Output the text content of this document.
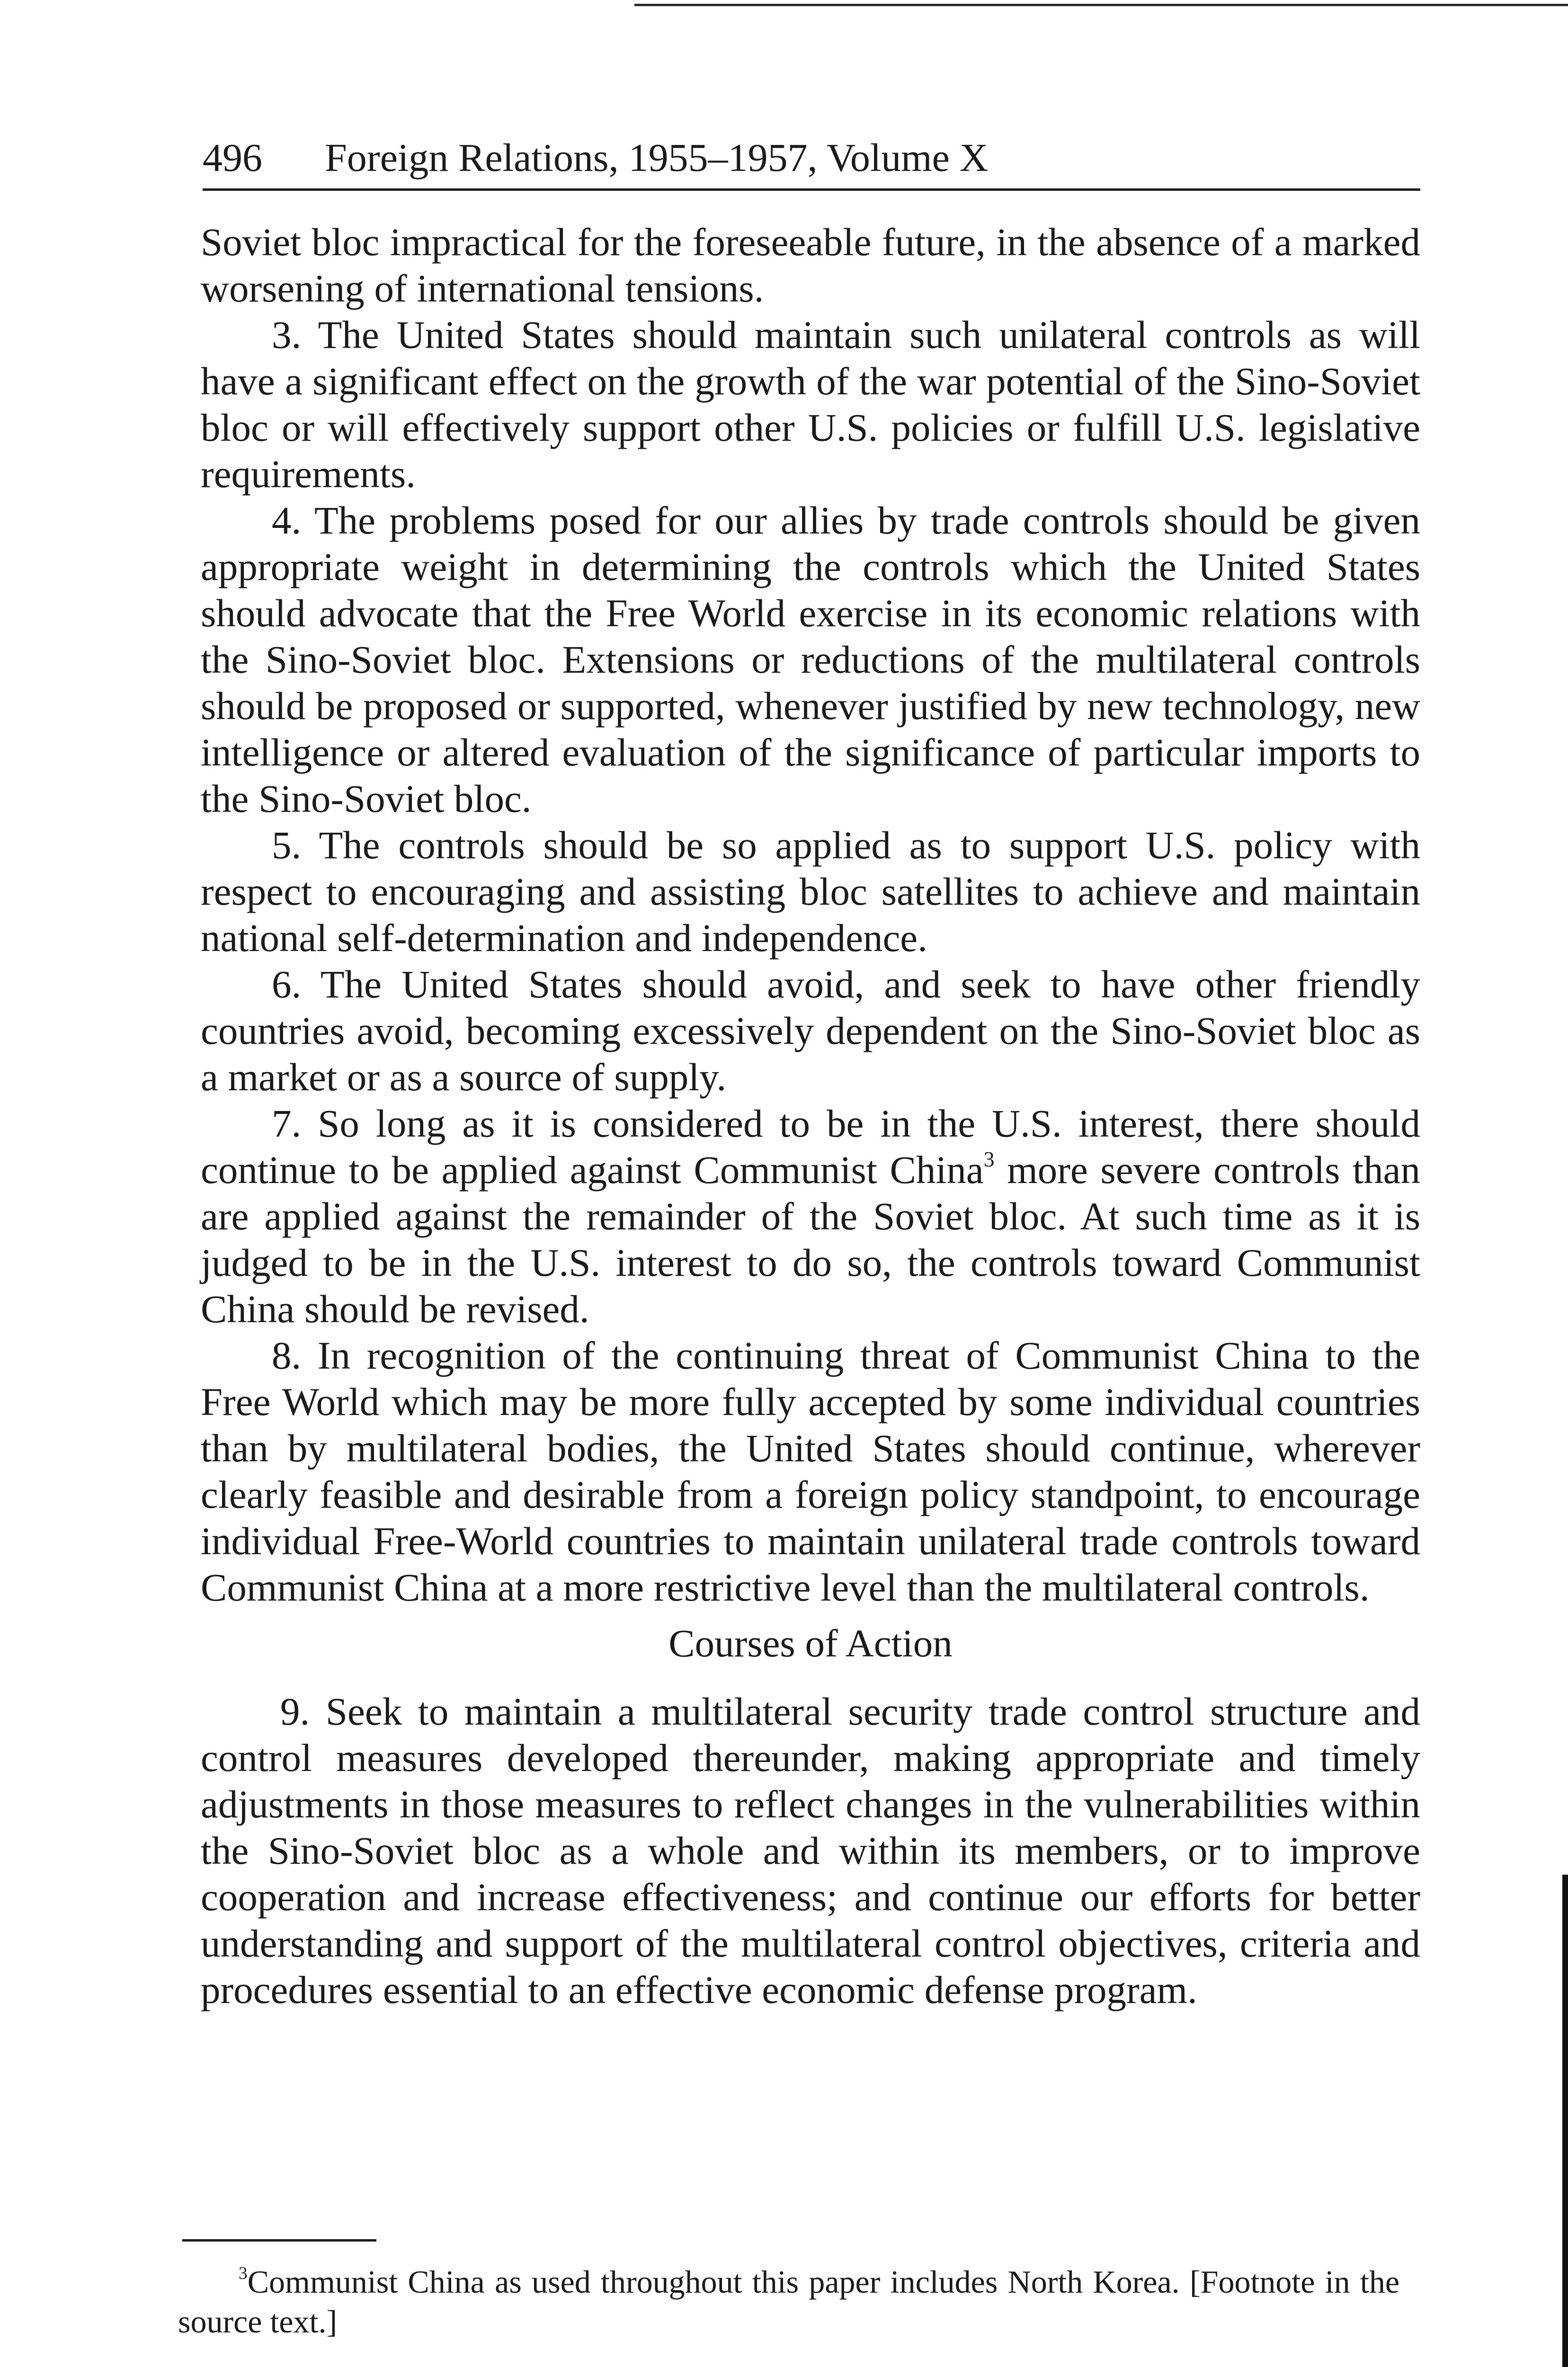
496 Foreign Relations, 1955–1957, Volume X

Soviet bloc impractical for the foreseeable future, in the absence of a marked worsening of international tensions.

3. The United States should maintain such unilateral controls as will have a significant effect on the growth of the war potential of the Sino-Soviet bloc or will effectively support other U.S. policies or fulfill U.S. legislative requirements.

4. The problems posed for our allies by trade controls should be given appropriate weight in determining the controls which the United States should advocate that the Free World exercise in its economic relations with the Sino-Soviet bloc. Extensions or reductions of the multilateral controls should be proposed or supported, whenever justified by new technology, new intelligence or altered evaluation of the significance of particular imports to the Sino-Soviet bloc.

5. The controls should be so applied as to support U.S. policy with respect to encouraging and assisting bloc satellites to achieve and maintain national self-determination and independence.

6. The United States should avoid, and seek to have other friendly countries avoid, becoming excessively dependent on the Sino-Soviet bloc as a market or as a source of supply.

7. So long as it is considered to be in the U.S. interest, there should continue to be applied against Communist China$^3$ more severe controls than are applied against the remainder of the Soviet bloc. At such time as it is judged to be in the U.S. interest to do so, the controls toward Communist China should be revised.

8. In recognition of the continuing threat of Communist China to the Free World which may be more fully accepted by some individual countries than by multilateral bodies, the United States should continue, wherever clearly feasible and desirable from a foreign policy standpoint, to encourage individual Free-World countries to maintain unilateral trade controls toward Communist China at a more restrictive level than the multilateral controls.

Courses of Action

9. Seek to maintain a multilateral security trade control structure and control measures developed thereunder, making appropriate and timely adjustments in those measures to reflect changes in the vulnerabilities within the Sino-Soviet bloc as a whole and within its members, or to improve cooperation and increase effectiveness; and continue our efforts for better understanding and support of the multilateral control objectives, criteria and procedures essential to an effective economic defense program.

$^3$Communist China as used throughout this paper includes North Korea. [Footnote in the source text.]
